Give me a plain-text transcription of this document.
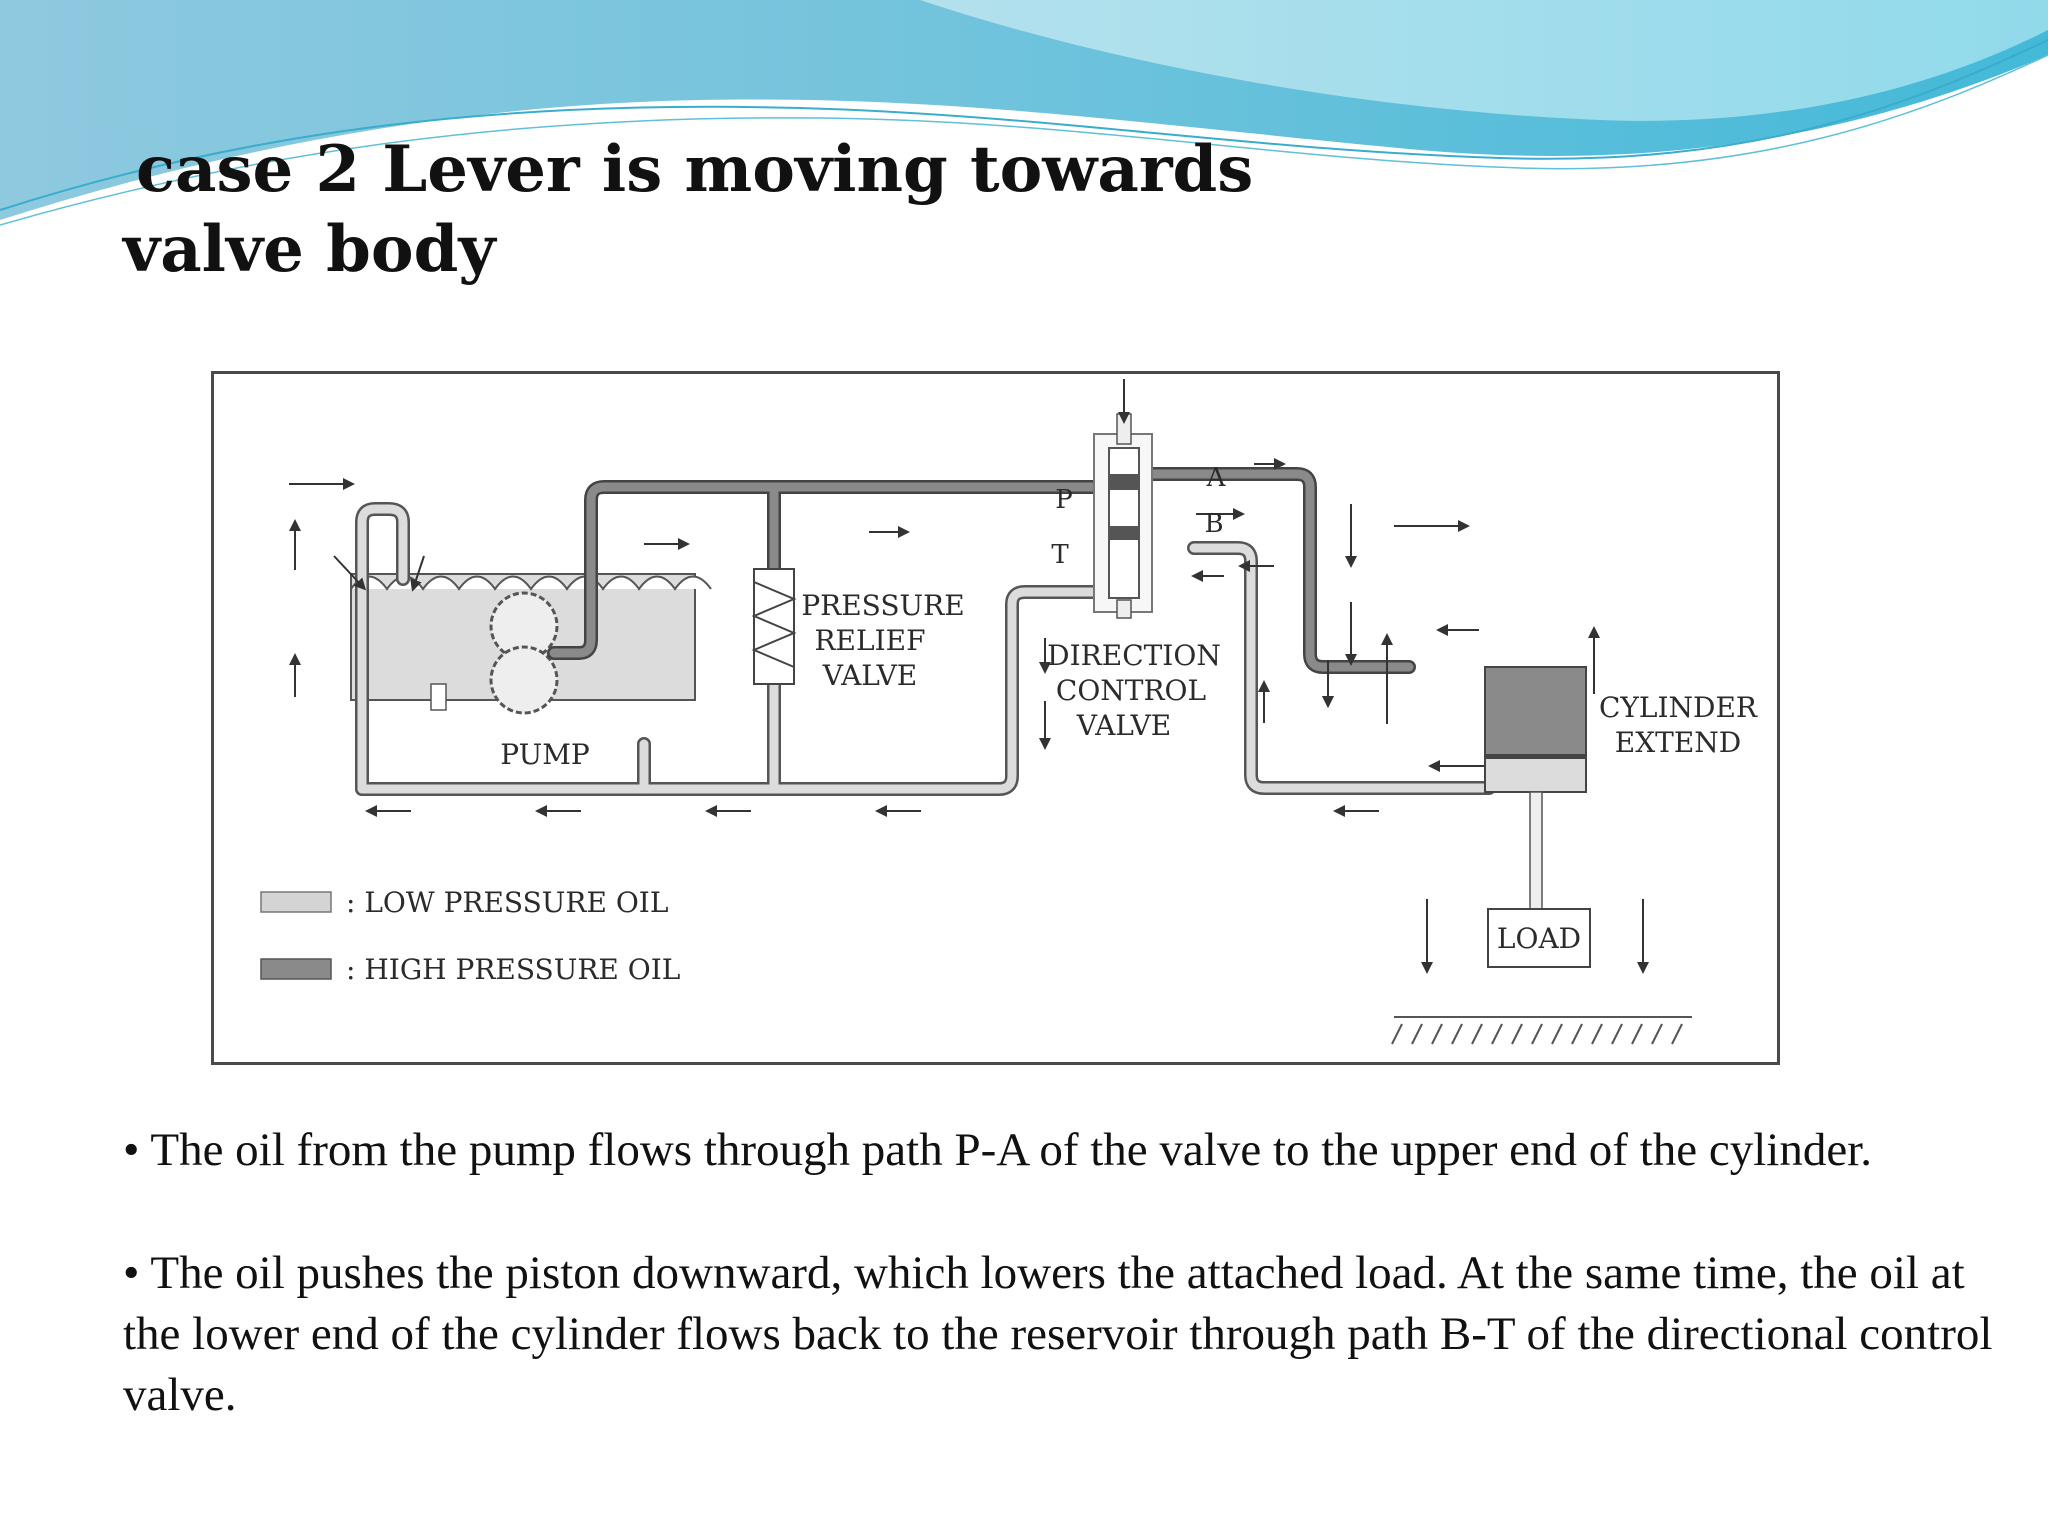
case 2 Lever is moving towards
valve body
P
T
A
B
PUMP
PRESSURE
RELIEF
VALVE
DIRECTION
CONTROL
VALVE
CYLINDER
EXTEND
LOAD
: LOW PRESSURE OIL
: HIGH PRESSURE OIL

• The oil from the pump flows through path P-A of the valve to the upper end of the cylinder.

• The oil pushes the piston downward, which lowers the attached load. At the same time, the oil at the lower end of the cylinder flows back to the reservoir through path B-T of the directional control valve.
